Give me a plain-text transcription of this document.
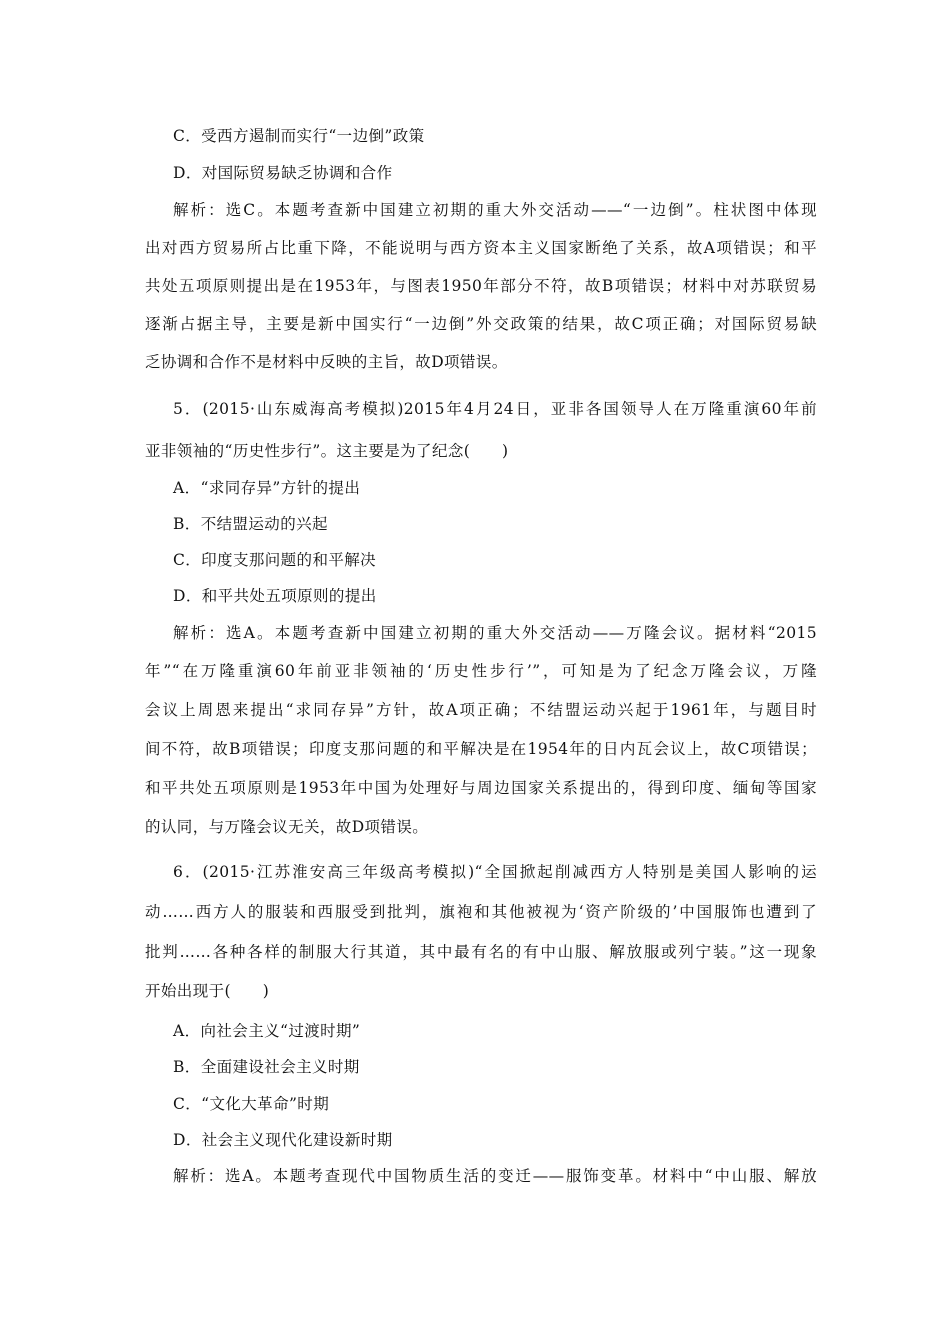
C．受西方遏制而实行“一边倒”政策
D．对国际贸易缺乏协调和合作
解析：选C。本题考查新中国建立初期的重大外交活动——“一边倒”。柱状图中体现
出对西方贸易所占比重下降，不能说明与西方资本主义国家断绝了关系，故A项错误；和平
共处五项原则提出是在1953年，与图表1950年部分不符，故B项错误；材料中对苏联贸易
逐渐占据主导，主要是新中国实行“一边倒”外交政策的结果，故C项正确；对国际贸易缺
乏协调和合作不是材料中反映的主旨，故D项错误。
5．(2015·山东威海高考模拟)2015年4月24日，亚非各国领导人在万隆重演60年前
亚非领袖的“历史性步行”。这主要是为了纪念(　　)
A．“求同存异”方针的提出
B．不结盟运动的兴起
C．印度支那问题的和平解决
D．和平共处五项原则的提出
解析：选A。本题考查新中国建立初期的重大外交活动——万隆会议。据材料“2015
年”“在万隆重演60年前亚非领袖的‘历史性步行’”，可知是为了纪念万隆会议，万隆
会议上周恩来提出“求同存异”方针，故A项正确；不结盟运动兴起于1961年，与题目时
间不符，故B项错误；印度支那问题的和平解决是在1954年的日内瓦会议上，故C项错误；
和平共处五项原则是1953年中国为处理好与周边国家关系提出的，得到印度、缅甸等国家
的认同，与万隆会议无关，故D项错误。
6．(2015·江苏淮安高三年级高考模拟)“全国掀起削减西方人特别是美国人影响的运
动……西方人的服装和西服受到批判，旗袍和其他被视为‘资产阶级的’中国服饰也遭到了
批判……各种各样的制服大行其道，其中最有名的有中山服、解放服或列宁装。”这一现象
开始出现于(　　)
A．向社会主义“过渡时期”
B．全面建设社会主义时期
C．“文化大革命”时期
D．社会主义现代化建设新时期
解析：选A。本题考查现代中国物质生活的变迁——服饰变革。材料中“中山服、解放
